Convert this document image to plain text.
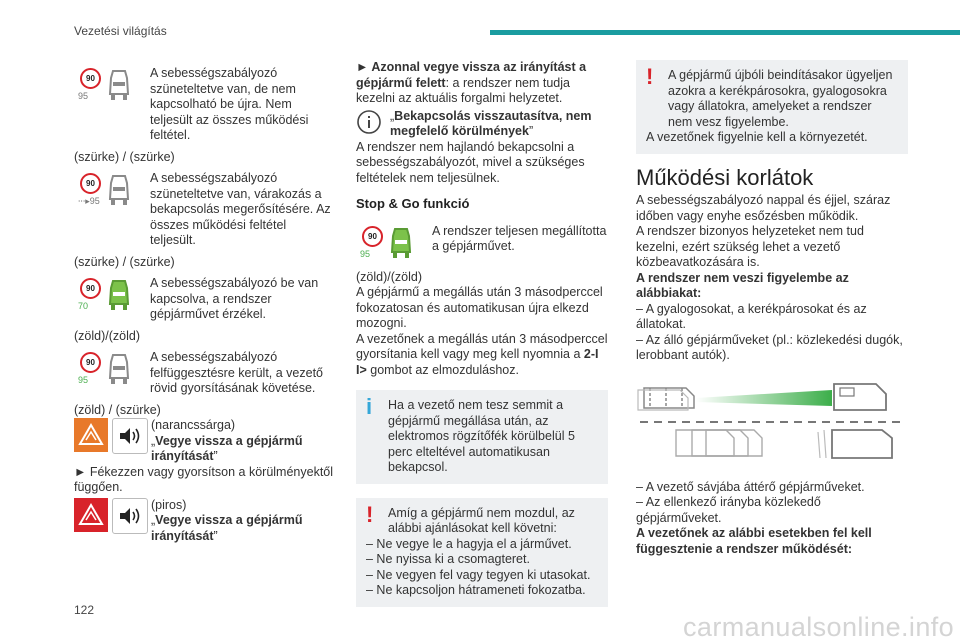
Vezetési világítás
90
95
A sebességszabályozó szüneteltetve van, de nem kapcsolható be újra. Nem teljesült az összes működési feltétel.

(szürke) / (szürke)

90
⸱⸱⸱▸95
A sebességszabályozó szüneteltetve van, várakozás a bekapcsolás megerősítésére. Az összes működési feltétel teljesült.

(szürke) / (szürke)

90
70
A sebességszabályozó be van kapcsolva, a rendszer gépjárművet érzékel.

(zöld)/(zöld)

90
95
A sebességszabályozó felfüggesztésre került, a vezető rövid gyorsításának követése.

(zöld) / (szürke)

(narancssárga)

„Vegye vissza a gépjármű irányítását”

► Fékezzen vagy gyorsítson a körülményektől függően.

(piros)

„Vegye vissza a gépjármű irányítását”

► Azonnal vegye vissza az irányítást a gépjármű felett: a rendszer nem tudja kezelni az aktuális forgalmi helyzetet.

„Bekapcsolás visszautasítva, nem megfelelő körülmények”

A rendszer nem hajlandó bekapcsolni a sebességszabályozót, mivel a szükséges feltételek nem teljesülnek.

Stop & Go funkció
90
95
A rendszer teljesen megállította a gépjárművet.

(zöld)/(zöld)

A gépjármű a megállás után 3 másodperccel fokozatosan és automatikusan újra elkezd mozogni.

A vezetőnek a megállás után 3 másodperccel gyorsítania kell vagy meg kell nyomnia a 2-I I> gombot az elmozduláshoz.

i	Ha a vezető nem tesz semmit a gépjármű megállása után, az elektromos rögzítőfék körülbelül 5 perc elteltével automatikusan bekapcsol.

!	Amíg a gépjármű nem mozdul, az alábbi ajánlásokat kell követni:

– Ne vegye le a hagyja el a járművet.

– Ne nyissa ki a csomagteret.

– Ne vegyen fel vagy tegyen ki utasokat.

– Ne kapcsoljon hátrameneti fokozatba.

!	A gépjármű újbóli beindításakor ügyeljen azokra a kerékpárosokra, gyalogosokra vagy állatokra, amelyeket a rendszer nem vesz figyelembe.

A vezetőnek figyelnie kell a környezetét.

Működési korlátok

A sebességszabályozó nappal és éjjel, száraz időben vagy enyhe esőzésben működik.

A rendszer bizonyos helyzeteket nem tud kezelni, ezért szükség lehet a vezető közbeavatkozására is.

A rendszer nem veszi figyelembe az alábbiakat:

– A gyalogosokat, a kerékpárosokat és az állatokat.

– Az álló gépjárműveket (pl.: közlekedési dugók, lerobbant autók).

– A vezető sávjába áttérő gépjárműveket.

– Az ellenkező irányba közlekedő gépjárműveket.

A vezetőnek az alábbi esetekben fel kell függesztenie a rendszer működését:

122
carmanualsonline.info
